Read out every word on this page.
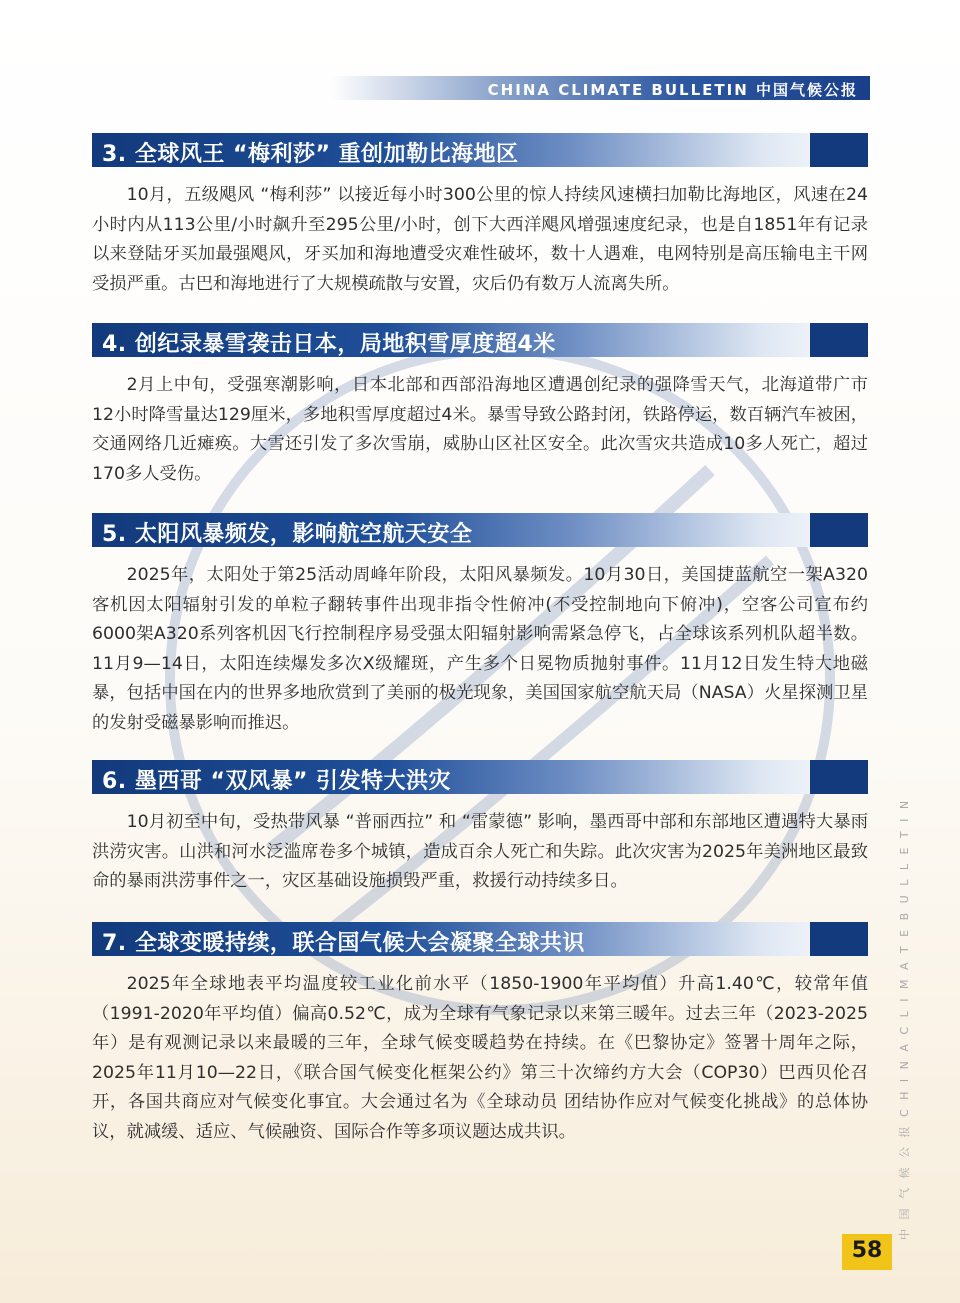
CHINA CLIMATE BULLETIN 中国气候公报
3. 全球风王 “梅利莎” 重创加勒比海地区

10月，五级飓风 “梅利莎” 以接近每小时300公里的惊人持续风速横扫加勒比海地区，风速在24小时内从113公里/小时飙升至295公里/小时，创下大西洋飓风增强速度纪录，也是自1851年有记录以来登陆牙买加最强飓风，牙买加和海地遭受灾难性破坏，数十人遇难，电网特别是高压输电主干网受损严重。古巴和海地进行了大规模疏散与安置，灾后仍有数万人流离失所。

4. 创纪录暴雪袭击日本，局地积雪厚度超4米

2月上中旬，受强寒潮影响，日本北部和西部沿海地区遭遇创纪录的强降雪天气，北海道带广市12小时降雪量达129厘米，多地积雪厚度超过4米。暴雪导致公路封闭，铁路停运，数百辆汽车被困，交通网络几近瘫痪。大雪还引发了多次雪崩，威胁山区社区安全。此次雪灾共造成10多人死亡，超过170多人受伤。

5. 太阳风暴频发，影响航空航天安全

2025年，太阳处于第25活动周峰年阶段，太阳风暴频发。10月30日，美国捷蓝航空一架A320客机因太阳辐射引发的单粒子翻转事件出现非指令性俯冲(不受控制地向下俯冲)，空客公司宣布约6000架A320系列客机因飞行控制程序易受强太阳辐射影响需紧急停飞，占全球该系列机队超半数。11月9—14日，太阳连续爆发多次X级耀斑，产生多个日冕物质抛射事件。11月12日发生特大地磁暴，包括中国在内的世界多地欣赏到了美丽的极光现象，美国国家航空航天局（NASA）火星探测卫星的发射受磁暴影响而推迟。

6. 墨西哥 “双风暴” 引发特大洪灾

10月初至中旬，受热带风暴 “普丽西拉” 和 “雷蒙德” 影响，墨西哥中部和东部地区遭遇特大暴雨洪涝灾害。山洪和河水泛滥席卷多个城镇，造成百余人死亡和失踪。此次灾害为2025年美洲地区最致命的暴雨洪涝事件之一，灾区基础设施损毁严重，救援行动持续多日。

7. 全球变暖持续，联合国气候大会凝聚全球共识

2025年全球地表平均温度较工业化前水平（1850-1900年平均值）升高1.40℃，较常年值（1991-2020年平均值）偏高0.52℃，成为全球有气象记录以来第三暖年。过去三年（2023-2025年）是有观测记录以来最暖的三年，全球气候变暖趋势在持续。在《巴黎协定》签署十周年之际，2025年11月10—22日，《联合国气候变化框架公约》第三十次缔约方大会（COP30）巴西贝伦召开，各国共商应对气候变化事宜。大会通过名为《全球动员 团结协作应对气候变化挑战》的总体协议，就减缓、适应、气候融资、国际合作等多项议题达成共识。	中 国 气 候 公 报 C H I N A C L I M A T E B U L L E T I N
58
